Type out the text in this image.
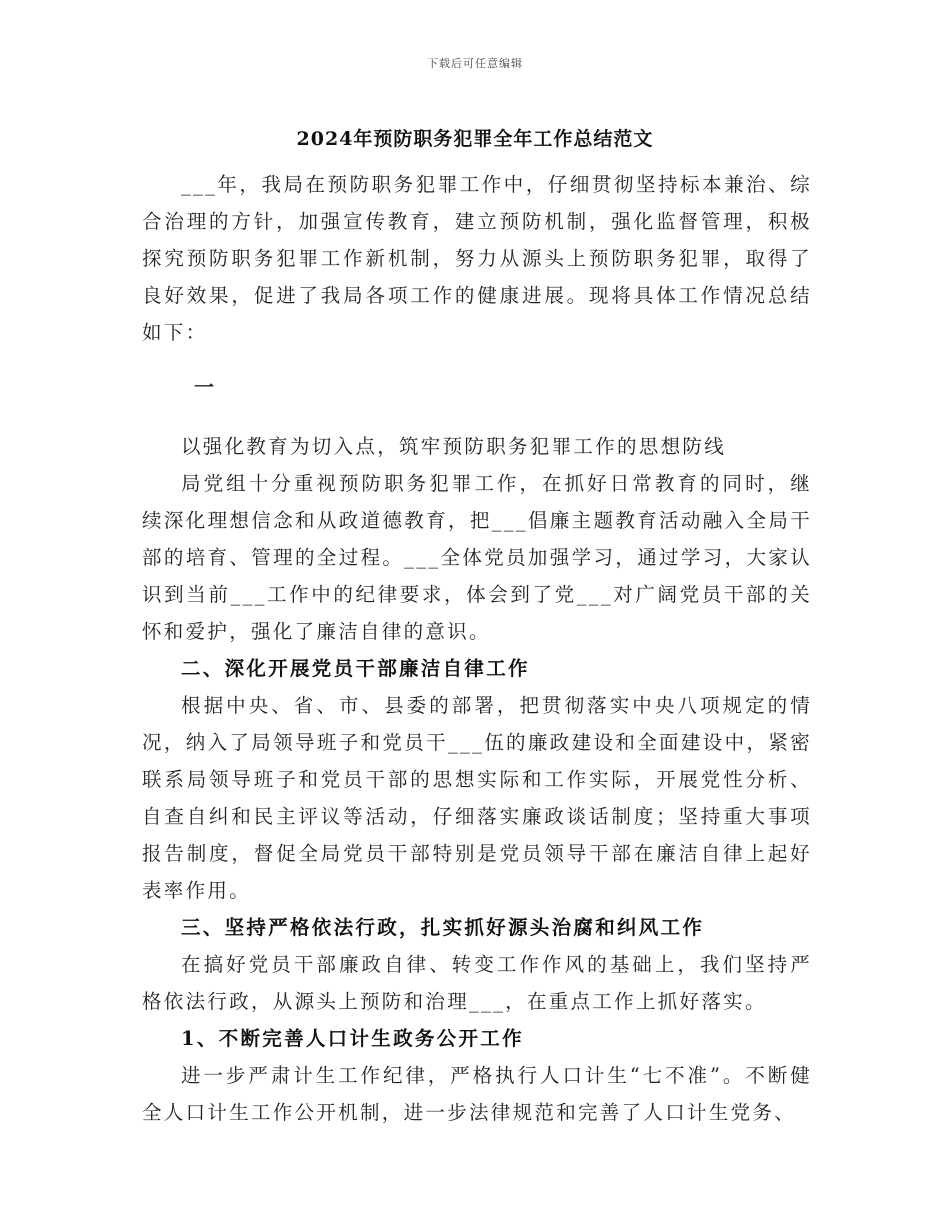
下载后可任意编辑
2024年预防职务犯罪全年工作总结范文

___年，我局在预防职务犯罪工作中，仔细贯彻坚持标本兼治、综合治理的方针，加强宣传教育，建立预防机制，强化监督管理，积极探究预防职务犯罪工作新机制，努力从源头上预防职务犯罪，取得了良好效果，促进了我局各项工作的健康进展。现将具体工作情况总结如下：

一

以强化教育为切入点，筑牢预防职务犯罪工作的思想防线

局党组十分重视预防职务犯罪工作，在抓好日常教育的同时，继续深化理想信念和从政道德教育，把___倡廉主题教育活动融入全局干部的培育、管理的全过程。___全体党员加强学习，通过学习，大家认识到当前___工作中的纪律要求，体会到了党___对广阔党员干部的关怀和爱护，强化了廉洁自律的意识。

二、深化开展党员干部廉洁自律工作

根据中央、省、市、县委的部署，把贯彻落实中央八项规定的情况，纳入了局领导班子和党员干___伍的廉政建设和全面建设中，紧密联系局领导班子和党员干部的思想实际和工作实际，开展党性分析、自查自纠和民主评议等活动，仔细落实廉政谈话制度；坚持重大事项报告制度，督促全局党员干部特别是党员领导干部在廉洁自律上起好表率作用。

三、坚持严格依法行政，扎实抓好源头治腐和纠风工作

在搞好党员干部廉政自律、转变工作作风的基础上，我们坚持严格依法行政，从源头上预防和治理___，在重点工作上抓好落实。

1、不断完善人口计生政务公开工作

进一步严肃计生工作纪律，严格执行人口计生“七不准”。不断健全人口计生工作公开机制，进一步法律规范和完善了人口计生党务、
